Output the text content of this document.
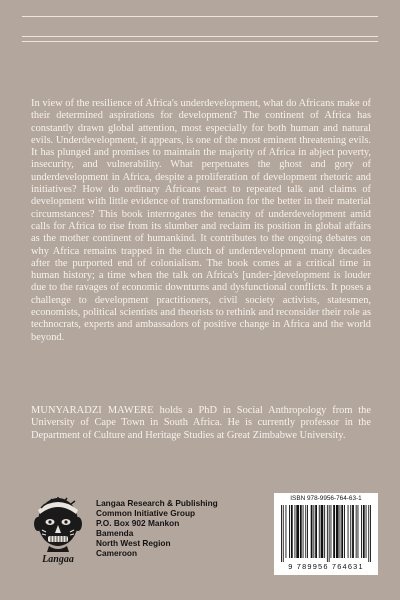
In view of the resilience of Africa's underdevelopment, what do Africans make of their determined aspirations for development? The continent of Africa has constantly drawn global attention, most especially for both human and natural evils. Underdevelopment, it appears, is one of the most eminent threatening evils. It has plunged and promises to maintain the majority of Africa in abject poverty, insecurity, and vulnerability. What perpetuates the ghost and gory of underdevelopment in Africa, despite a proliferation of development rhetoric and initiatives? How do ordinary Africans react to repeated talk and claims of development with little evidence of transformation for the better in their material circumstances? This book interrogates the tenacity of underdevelopment amid calls for Africa to rise from its slumber and reclaim its position in global affairs as the mother continent of humankind. It contributes to the ongoing debates on why Africa remains trapped in the clutch of underdevelopment many decades after the purported end of colonialism. The book comes at a critical time in human history; a time when the talk on Africa's [under-]development is louder due to the ravages of economic downturns and dysfunctional conflicts. It poses a challenge to development practitioners, civil society activists, statesmen, economists, political scientists and theorists to rethink and reconsider their role as technocrats, experts and ambassadors of positive change in Africa and the world beyond.

MUNYARADZI MAWERE holds a PhD in Social Anthropology from the University of Cape Town in South Africa. He is currently professor in the Department of Culture and Heritage Studies at Great Zimbabwe University.

Langaa
Langaa Research & Publishing
Common Initiative Group
P.O. Box 902 Mankon
Bamenda
North West Region
Cameroon
ISBN 978-9956-764-63-1
9 789956 764631
